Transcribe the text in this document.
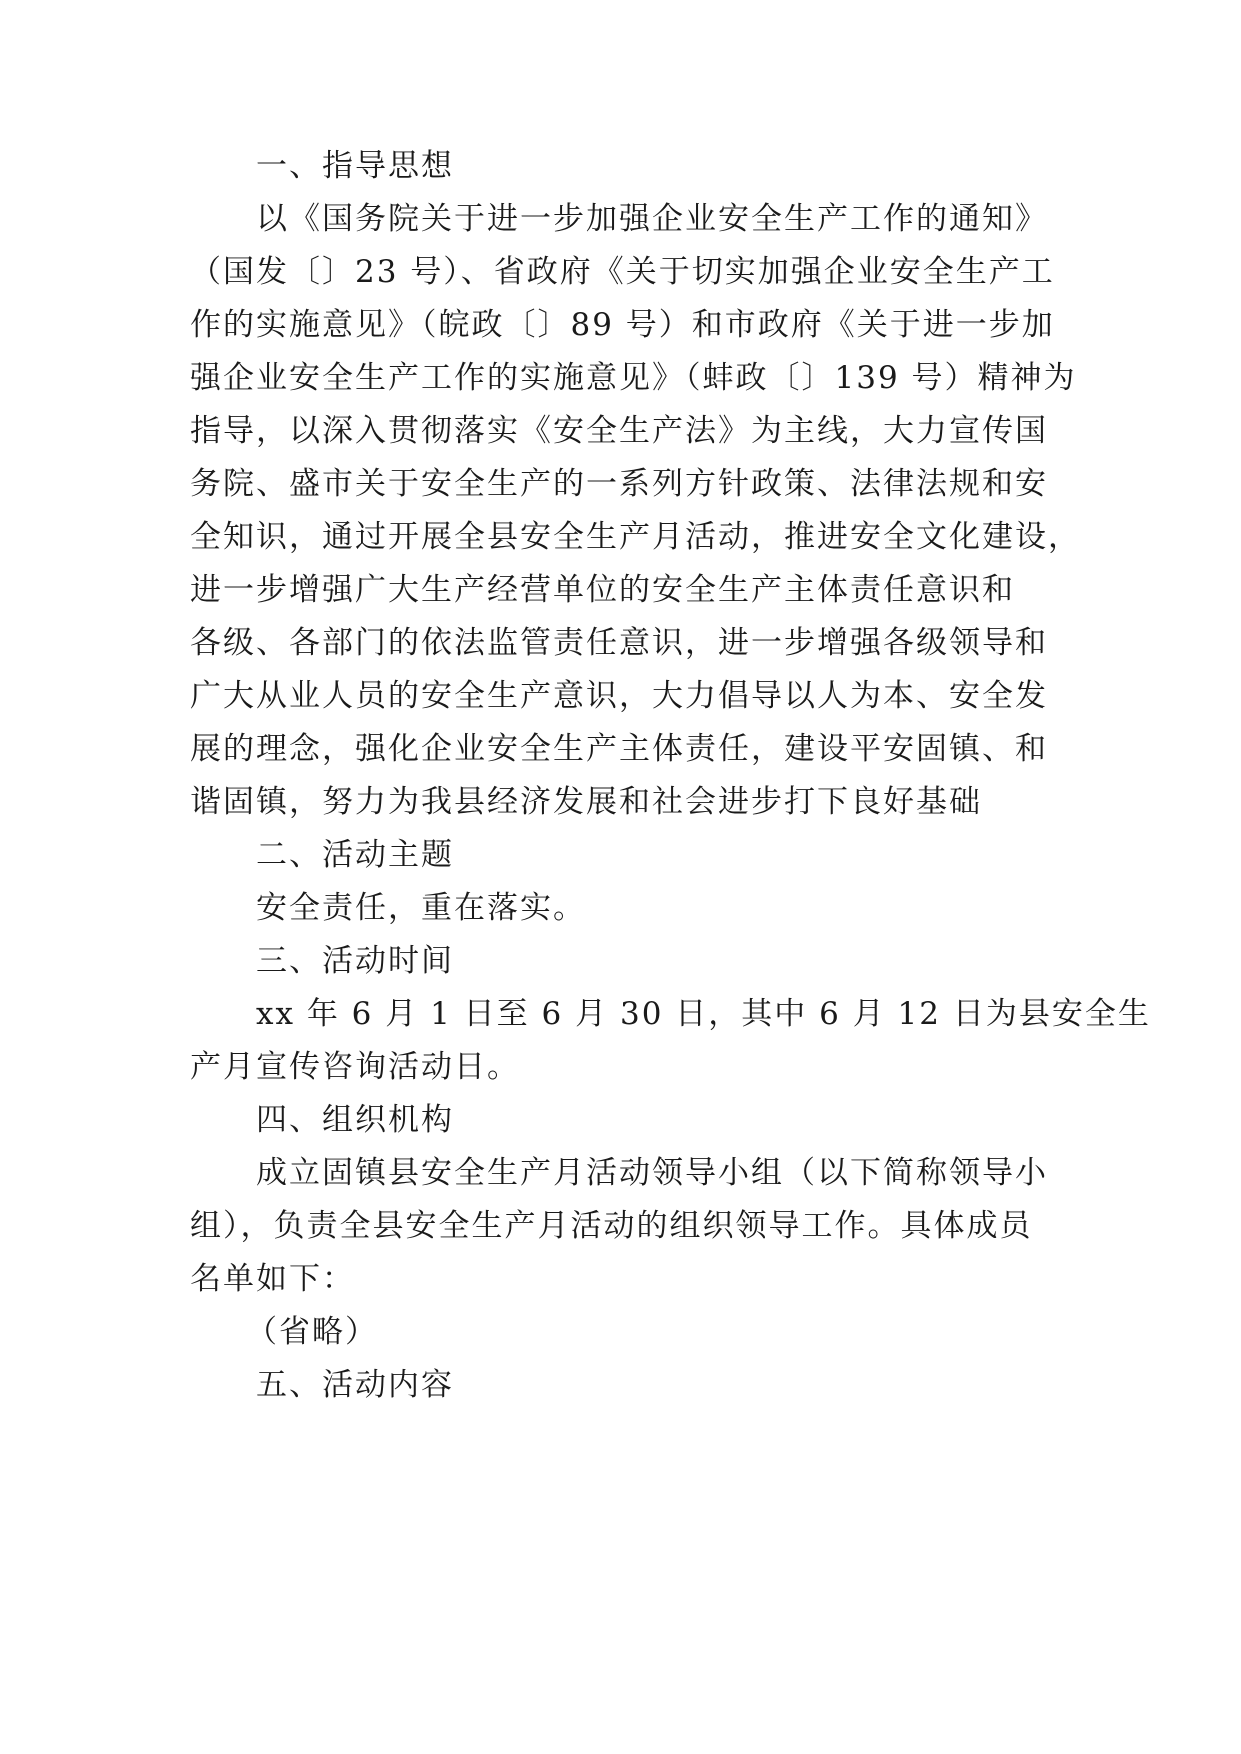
一、指导思想
以《国务院关于进一步加强企业安全生产工作的通知》
（国发〔〕23 号）、省政府《关于切实加强企业安全生产工
作的实施意见》（皖政〔〕89 号）和市政府《关于进一步加
强企业安全生产工作的实施意见》（蚌政〔〕139 号）精神为
指导，以深入贯彻落实《安全生产法》为主线，大力宣传国
务院、盛市关于安全生产的一系列方针政策、法律法规和安
全知识，通过开展全县安全生产月活动，推进安全文化建设，
进一步增强广大生产经营单位的安全生产主体责任意识和
各级、各部门的依法监管责任意识，进一步增强各级领导和
广大从业人员的安全生产意识，大力倡导以人为本、安全发
展的理念，强化企业安全生产主体责任，建设平安固镇、和
谐固镇，努力为我县经济发展和社会进步打下良好基础
二、活动主题
安全责任，重在落实。
三、活动时间
xx 年 6 月 1 日至 6 月 30 日，其中 6 月 12 日为县安全生
产月宣传咨询活动日。
四、组织机构
成立固镇县安全生产月活动领导小组（以下简称领导小
组），负责全县安全生产月活动的组织领导工作。具体成员
名单如下：
（省略）
五、活动内容
